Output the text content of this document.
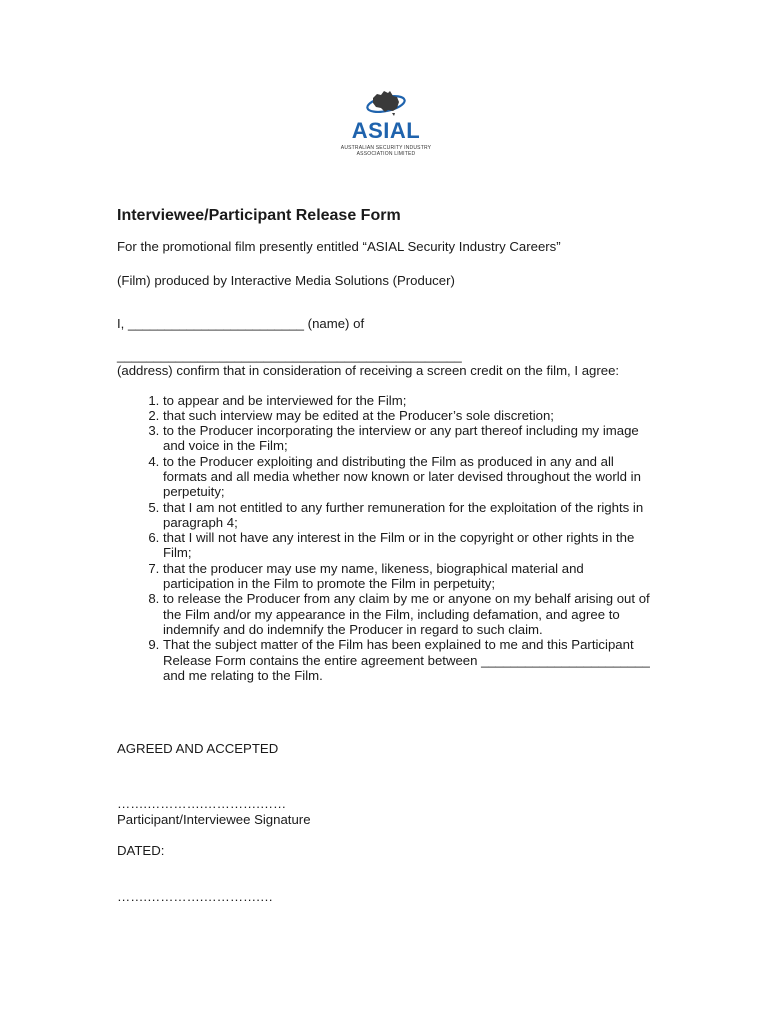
ASIAL
AUSTRALIAN SECURITY INDUSTRY
ASSOCIATION LIMITED
Interviewee/Participant Release Form

For the promotional film presently entitled “ASIAL Security Industry Careers”

(Film) produced by Interactive Media Solutions (Producer)

I, ________________________ (name) of

_______________________________________________

(address) confirm that in consideration of receiving a screen credit on the film, I agree:

1. to appear and be interviewed for the Film;
2. that such interview may be edited at the Producer’s sole discretion;
3. to the Producer incorporating the interview or any part thereof including my image and voice in the Film;
4. to the Producer exploiting and distributing the Film as produced in any and all formats and all media whether now known or later devised throughout the world in perpetuity;
5. that I am not entitled to any further remuneration for the exploitation of the rights in paragraph 4;
6. that I will not have any interest in the Film or in the copyright or other rights in the Film;
7. that the producer may use my name, likeness, biographical material and participation in the Film to promote the Film in perpetuity;
8. to release the Producer from any claim by me or anyone on my behalf arising out of the Film and/or my appearance in the Film, including defamation, and agree to indemnify and do indemnify the Producer in regard to such claim.
9. That the subject matter of the Film has been explained to me and this Participant Release Form contains the entire agreement between _______________________ and me relating to the Film.

AGREED AND ACCEPTED

…….………….………….……

Participant/Interviewee Signature

DATED:

…….………….………….…
